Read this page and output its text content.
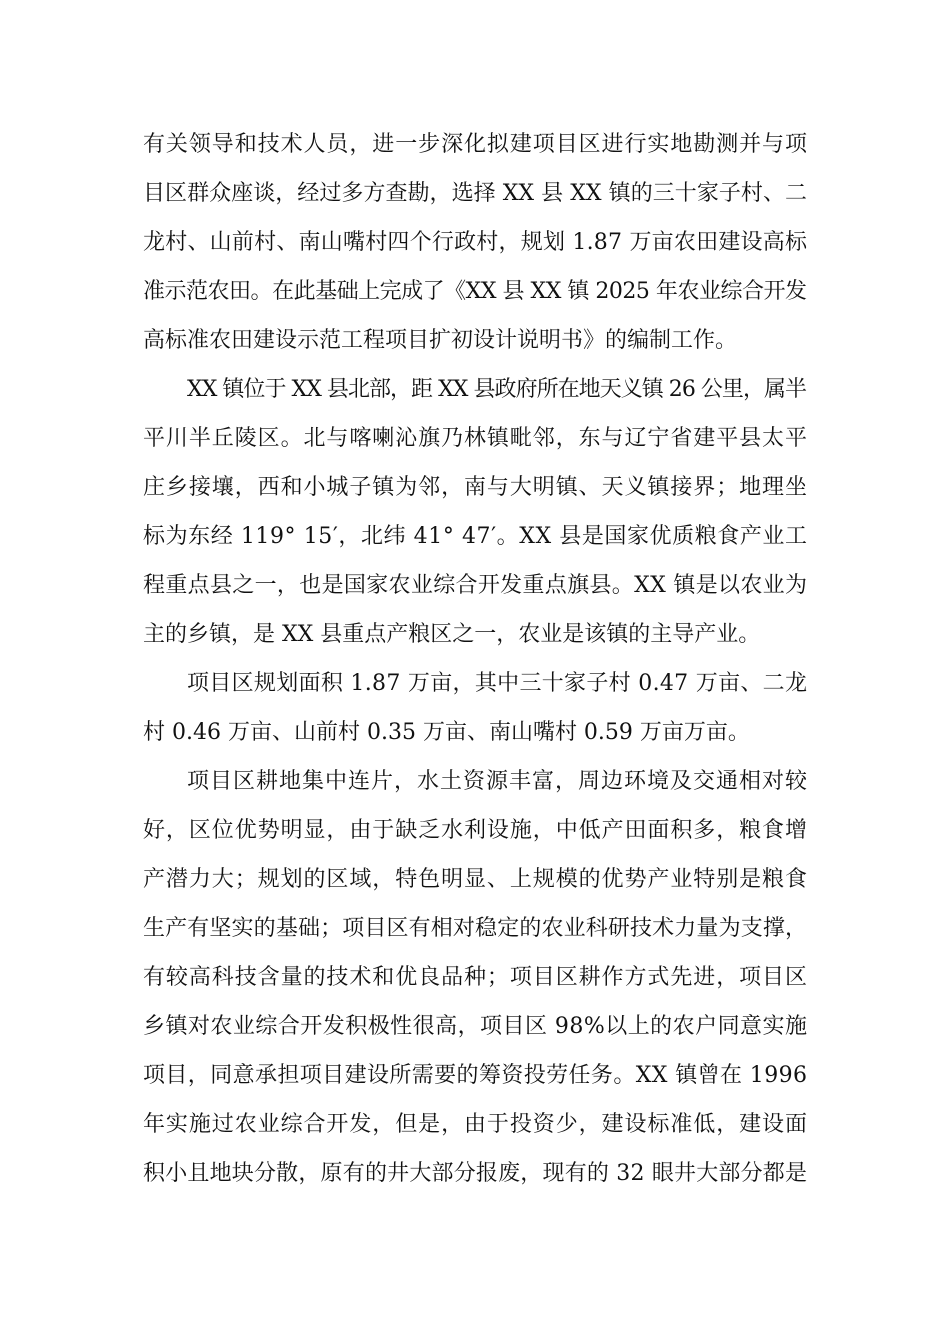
有关领导和技术人员，进一步深化拟建项目区进行实地勘测并与项
目区群众座谈，经过多方查勘，选择 XX 县 XX 镇的三十家子村、二
龙村、山前村、南山嘴村四个行政村，规划 1.87 万亩农田建设高标
准示范农田。在此基础上完成了《XX 县 XX 镇 2025 年农业综合开发
高标准农田建设示范工程项目扩初设计说明书》的编制工作。
XX 镇位于 XX 县北部，距 XX 县政府所在地天义镇 26 公里，属半
平川半丘陵区。北与喀喇沁旗乃林镇毗邻，东与辽宁省建平县太平
庄乡接壤，西和小城子镇为邻，南与大明镇、天义镇接界；地理坐
标为东经 119° 15′，北纬 41° 47′。XX 县是国家优质粮食产业工
程重点县之一，也是国家农业综合开发重点旗县。XX 镇是以农业为
主的乡镇，是 XX 县重点产粮区之一，农业是该镇的主导产业。
项目区规划面积 1.87 万亩，其中三十家子村 0.47 万亩、二龙
村 0.46 万亩、山前村 0.35 万亩、南山嘴村 0.59 万亩万亩。
项目区耕地集中连片，水土资源丰富，周边环境及交通相对较
好，区位优势明显，由于缺乏水利设施，中低产田面积多，粮食增
产潜力大；规划的区域，特色明显、上规模的优势产业特别是粮食
生产有坚实的基础；项目区有相对稳定的农业科研技术力量为支撑，
有较高科技含量的技术和优良品种；项目区耕作方式先进，项目区
乡镇对农业综合开发积极性很高，项目区 98%以上的农户同意实施
项目，同意承担项目建设所需要的筹资投劳任务。XX 镇曾在 1996
年实施过农业综合开发，但是，由于投资少，建设标准低，建设面
积小且地块分散，原有的井大部分报废，现有的 32 眼井大部分都是
